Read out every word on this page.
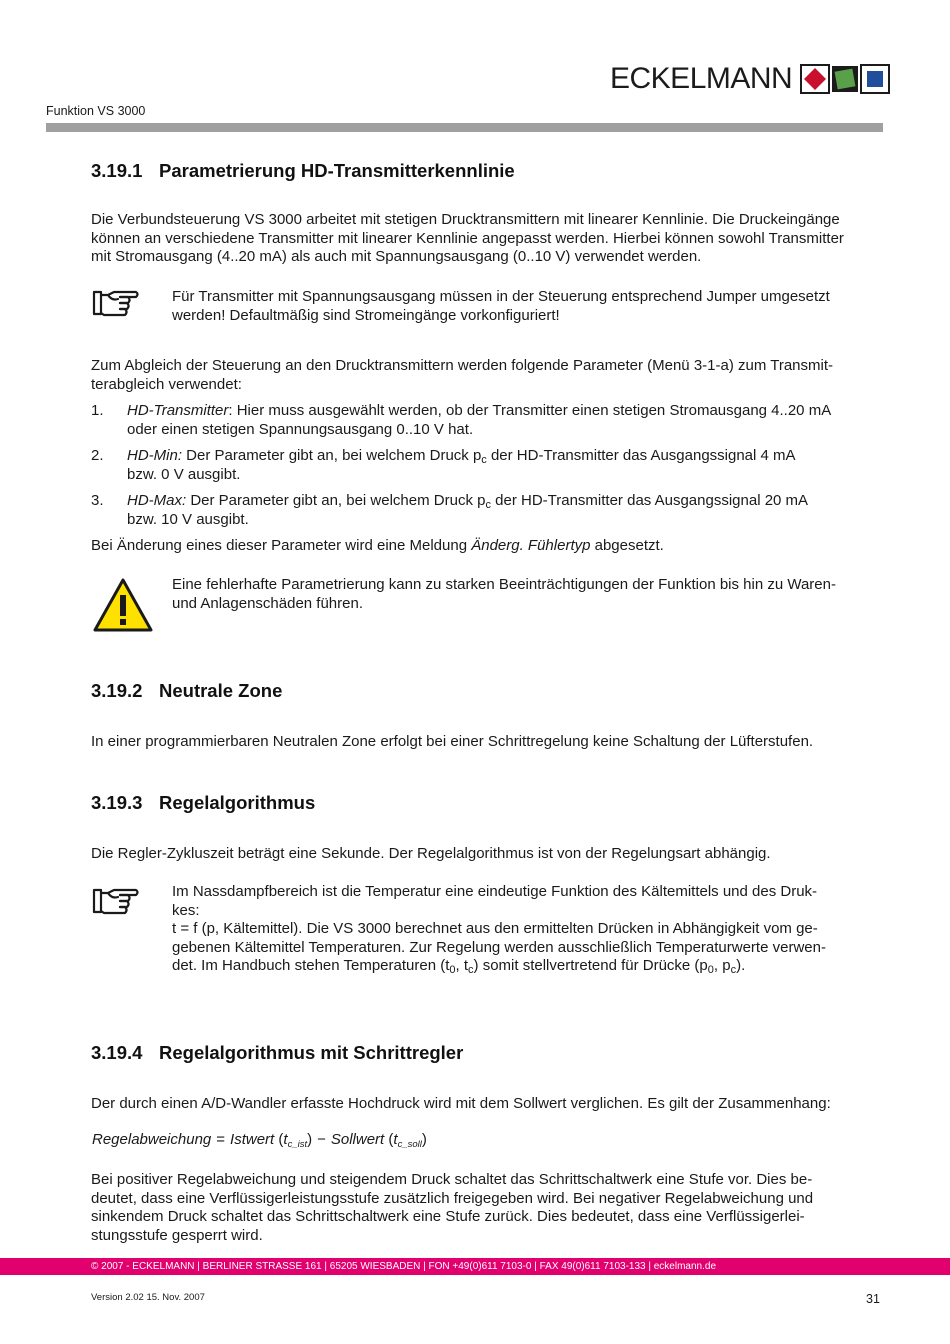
Funktion VS 3000
ECKELMANN
3.19.1 Parametrierung HD-Transmitterkennlinie
Die Verbundsteuerung VS 3000 arbeitet mit stetigen Drucktransmittern mit linearer Kennlinie. Die Druckeingänge
können an verschiedene Transmitter mit linearer Kennlinie angepasst werden. Hierbei können sowohl Transmitter
mit Stromausgang (4..20 mA) als auch mit Spannungsausgang (0..10 V) verwendet werden.
Für Transmitter mit Spannungsausgang müssen in der Steuerung entsprechend Jumper umgesetzt
werden! Defaultmäßig sind Stromeingänge vorkonfiguriert!
Zum Abgleich der Steuerung an den Drucktransmittern werden folgende Parameter (Menü 3-1-a) zum Transmit-
terabgleich verwendet:
1. HD-Transmitter: Hier muss ausgewählt werden, ob der Transmitter einen stetigen Stromausgang 4..20 mA
oder einen stetigen Spannungsausgang 0..10 V hat.
2. HD-Min: Der Parameter gibt an, bei welchem Druck $p_c$ der HD-Transmitter das Ausgangssignal 4 mA
bzw. 0 V ausgibt.
3. HD-Max: Der Parameter gibt an, bei welchem Druck $p_c$ der HD-Transmitter das Ausgangssignal 20 mA
bzw. 10 V ausgibt.
Bei Änderung eines dieser Parameter wird eine Meldung Änderg. Fühlertyp abgesetzt.
Eine fehlerhafte Parametrierung kann zu starken Beeinträchtigungen der Funktion bis hin zu Waren-
und Anlagenschäden führen.
3.19.2 Neutrale Zone
In einer programmierbaren Neutralen Zone erfolgt bei einer Schrittregelung keine Schaltung der Lüfterstufen.
3.19.3 Regelalgorithmus
Die Regler-Zykluszeit beträgt eine Sekunde. Der Regelalgorithmus ist von der Regelungsart abhängig.
Im Nassdampfbereich ist die Temperatur eine eindeutige Funktion des Kältemittels und des Druk-
kes:
t = f (p, Kältemittel). Die VS 3000 berechnet aus den ermittelten Drücken in Abhängigkeit vom ge-
gebenen Kältemittel Temperaturen. Zur Regelung werden ausschließlich Temperaturwerte verwen-
det. Im Handbuch stehen Temperaturen ($t_0$, $t_c$) somit stellvertretend für Drücke ($p_0$, $p_c$).
3.19.4 Regelalgorithmus mit Schrittregler
Der durch einen A/D-Wandler erfasste Hochdruck wird mit dem Sollwert verglichen. Es gilt der Zusammenhang:
Regelabweichung = Istwert $(t_{c\_ist})$ − Sollwert $(t_{c\_soll})$
Bei positiver Regelabweichung und steigendem Druck schaltet das Schrittschaltwerk eine Stufe vor. Dies be-
deutet, dass eine Verflüssigerleistungsstufe zusätzlich freigegeben wird. Bei negativer Regelabweichung und
sinkendem Druck schaltet das Schrittschaltwerk eine Stufe zurück. Dies bedeutet, dass eine Verflüssigerlei-
stungsstufe gesperrt wird.
© 2007 - ECKELMANN | BERLINER STRASSE 161 | 65205 WIESBADEN | FON +49(0)611 7103-0 | FAX 49(0)611 7103-133 | eckelmann.de
Version 2.02 15. Nov. 2007	31
